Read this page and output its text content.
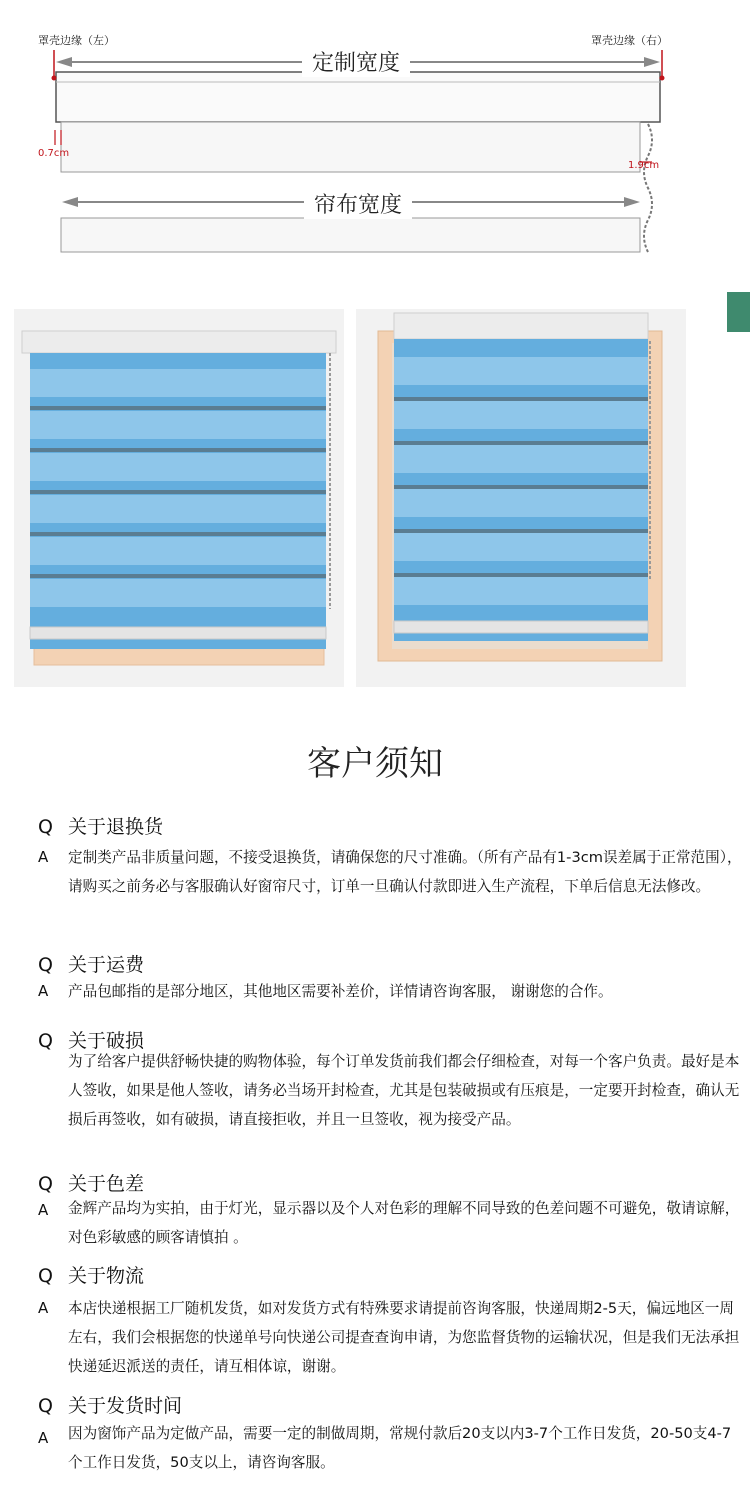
罩壳边缘（左）	罩壳边缘（右）
定制宽度
帘布宽度
0.7cm
1.9cm
客户须知
Q 关于退换货
A 定制类产品非质量问题，不接受退换货，请确保您的尺寸准确。（所有产品有1-3cm误差属于正常范围），请购买之前务必与客服确认好窗帘尺寸，订单一旦确认付款即进入生产流程，下单后信息无法修改。
Q 关于运费
A 产品包邮指的是部分地区，其他地区需要补差价，详情请咨询客服， 谢谢您的合作。
Q 关于破损
为了给客户提供舒畅快捷的购物体验，每个订单发货前我们都会仔细检查，对每一个客户负责。最好是本人签收，如果是他人签收，请务必当场开封检查，尤其是包装破损或有压痕是，一定要开封检查，确认无损后再签收，如有破损，请直接拒收，并且一旦签收，视为接受产品。
Q 关于色差
A 金辉产品均为实拍，由于灯光，显示器以及个人对色彩的理解不同导致的色差问题不可避免，敬请谅解，对色彩敏感的顾客请慎拍 。
Q 关于物流
A 本店快递根据工厂随机发货，如对发货方式有特殊要求请提前咨询客服，快递周期2-5天，偏远地区一周左右，我们会根据您的快递单号向快递公司提查查询申请，为您监督货物的运输状况，但是我们无法承担快递延迟派送的责任，请互相体谅，谢谢。
Q 关于发货时间
A 因为窗饰产品为定做产品，需要一定的制做周期，常规付款后20支以内3-7个工作日发货，20-50支4-7个工作日发货，50支以上，请咨询客服。
